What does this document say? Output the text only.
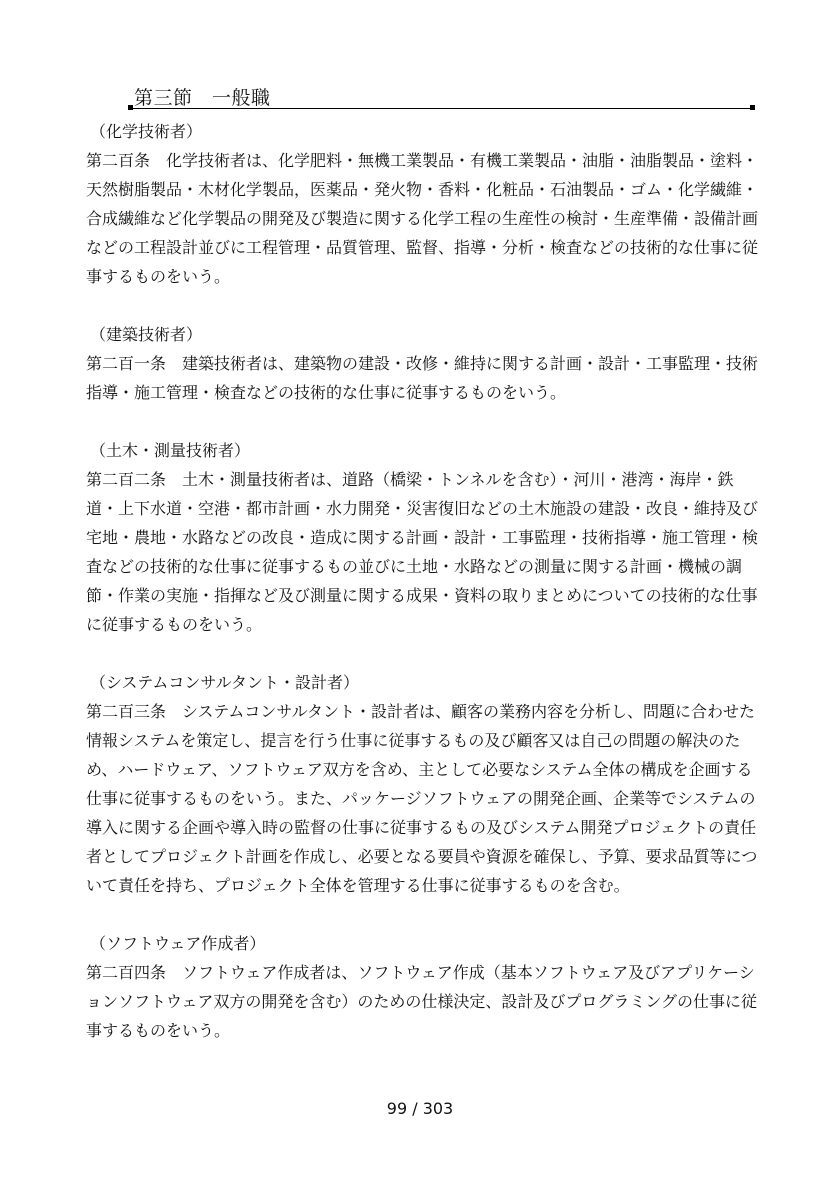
第三節　一般職

（化学技術者）

第二百条　化学技術者は、化学肥料・無機工業製品・有機工業製品・油脂・油脂製品・塗料・天然樹脂製品・木材化学製品，医薬品・発火物・香料・化粧品・石油製品・ゴム・化学繊維・合成繊維など化学製品の開発及び製造に関する化学工程の生産性の検討・生産準備・設備計画などの工程設計並びに工程管理・品質管理、監督、指導・分析・検査などの技術的な仕事に従事するものをいう。

（建築技術者）

第二百一条　建築技術者は、建築物の建設・改修・維持に関する計画・設計・工事監理・技術指導・施工管理・検査などの技術的な仕事に従事するものをいう。

（土木・測量技術者）

第二百二条　土木・測量技術者は、道路（橋梁・トンネルを含む）・河川・港湾・海岸・鉄道・上下水道・空港・都市計画・水力開発・災害復旧などの土木施設の建設・改良・維持及び宅地・農地・水路などの改良・造成に関する計画・設計・工事監理・技術指導・施工管理・検査などの技術的な仕事に従事するもの並びに土地・水路などの測量に関する計画・機械の調節・作業の実施・指揮など及び測量に関する成果・資料の取りまとめについての技術的な仕事に従事するものをいう。

（システムコンサルタント・設計者）

第二百三条　システムコンサルタント・設計者は、顧客の業務内容を分析し、問題に合わせた情報システムを策定し、提言を行う仕事に従事するもの及び顧客又は自己の問題の解決のため、ハードウェア、ソフトウェア双方を含め、主として必要なシステム全体の構成を企画する仕事に従事するものをいう。また、パッケージソフトウェアの開発企画、企業等でシステムの導入に関する企画や導入時の監督の仕事に従事するもの及びシステム開発プロジェクトの責任者としてプロジェクト計画を作成し、必要となる要員や資源を確保し、予算、要求品質等について責任を持ち、プロジェクト全体を管理する仕事に従事するものを含む。

（ソフトウェア作成者）

第二百四条　ソフトウェア作成者は、ソフトウェア作成（基本ソフトウェア及びアプリケーションソフトウェア双方の開発を含む）のための仕様決定、設計及びプログラミングの仕事に従事するものをいう。

99 / 303
